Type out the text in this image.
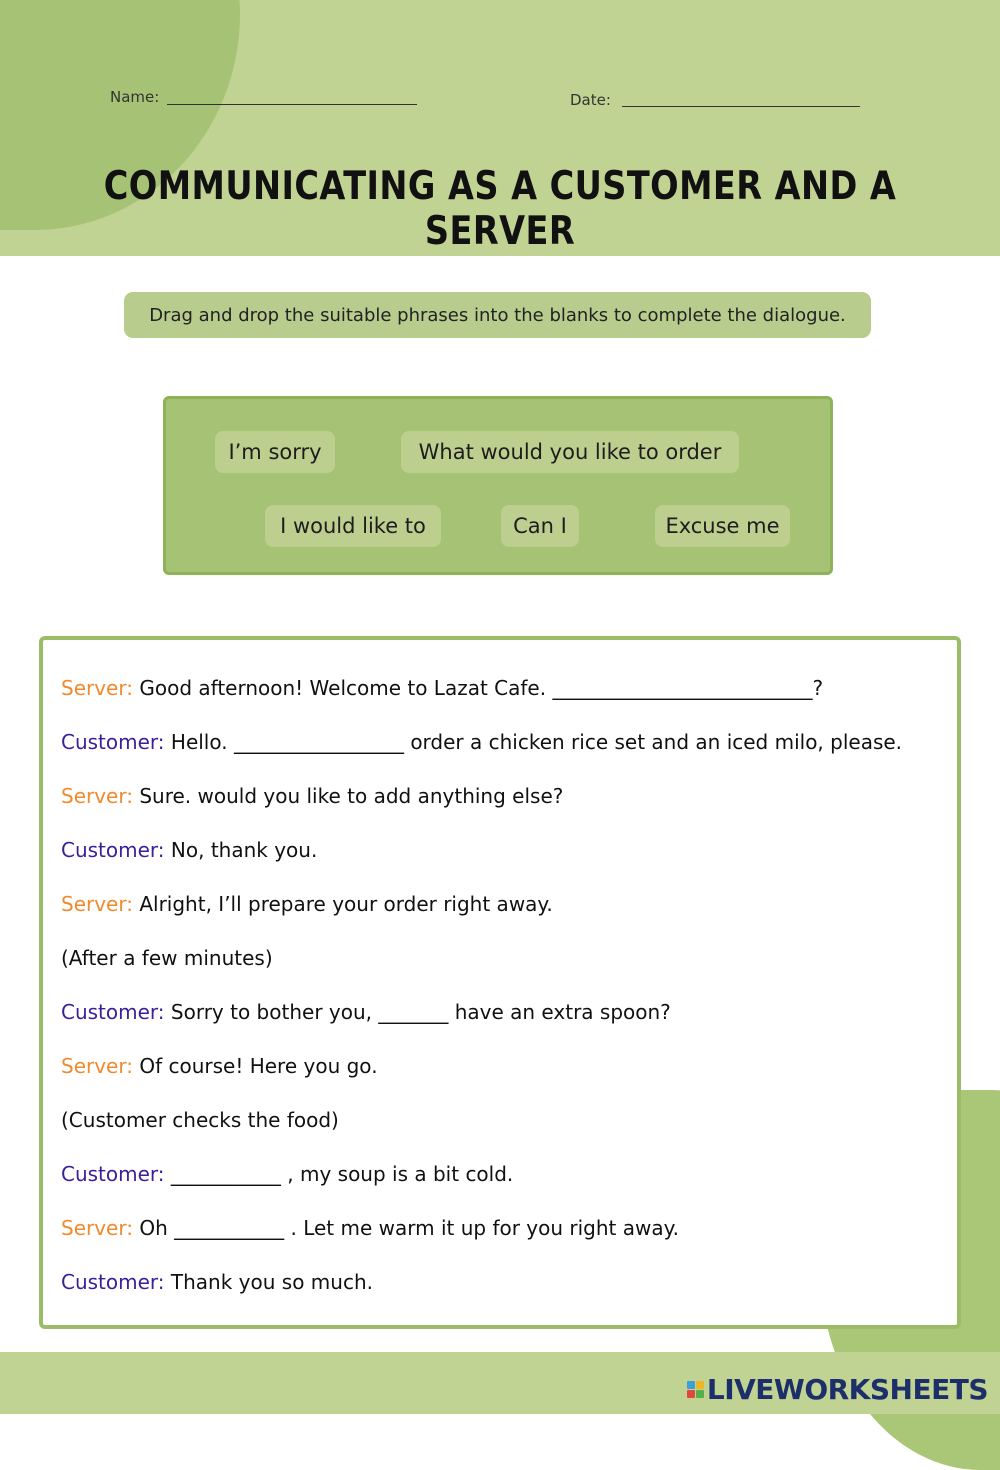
Name:	Date:
COMMUNICATING AS A CUSTOMER AND A SERVER
Drag and drop the suitable phrases into the blanks to complete the dialogue.
I’m sorry	What would you like to order
I would like to	Can I	Excuse me
Server: Good afternoon! Welcome to Lazat Cafe. __________________________?
Customer: Hello. _________________ order a chicken rice set and an iced milo, please.
Server: Sure. would you like to add anything else?
Customer: No, thank you.
Server: Alright, I’ll prepare your order right away.
(After a few minutes)
Customer: Sorry to bother you, _______ have an extra spoon?
Server: Of course! Here you go.
(Customer checks the food)
Customer: ___________ , my soup is a bit cold.
Server: Oh ___________ . Let me warm it up for you right away.
Customer: Thank you so much.
LIVEWORKSHEETS
